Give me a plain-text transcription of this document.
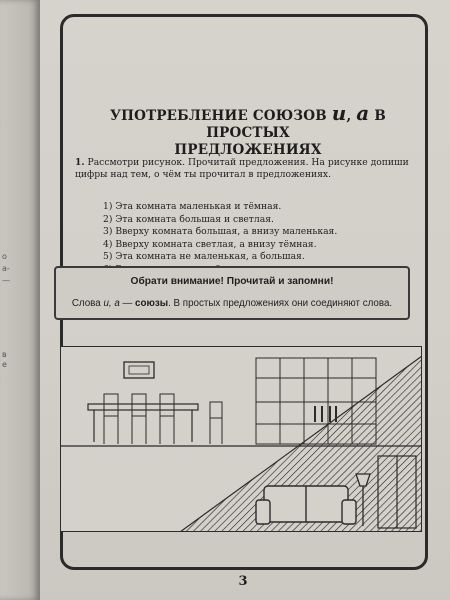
о
а-
—
в
е
УПОТРЕБЛЕНИЕ СОЮЗОВ и, а В ПРОСТЫХ
ПРЕДЛОЖЕНИЯХ
1. Рассмотри рисунок. Прочитай предложения. На рисунке допиши цифры над тем, о чём ты прочитал в предложениях.
1) Эта комната маленькая и тёмная.
2) Эта комната большая и светлая.
3) Вверху комната большая, а внизу маленькая.
4) Вверху комната светлая, а внизу тёмная.
5) Эта комната не маленькая, а большая.
Обрати внимание! Прочитай и запомни!
Слова и, а — союзы. В простых предложениях они соединяют слова.
3
